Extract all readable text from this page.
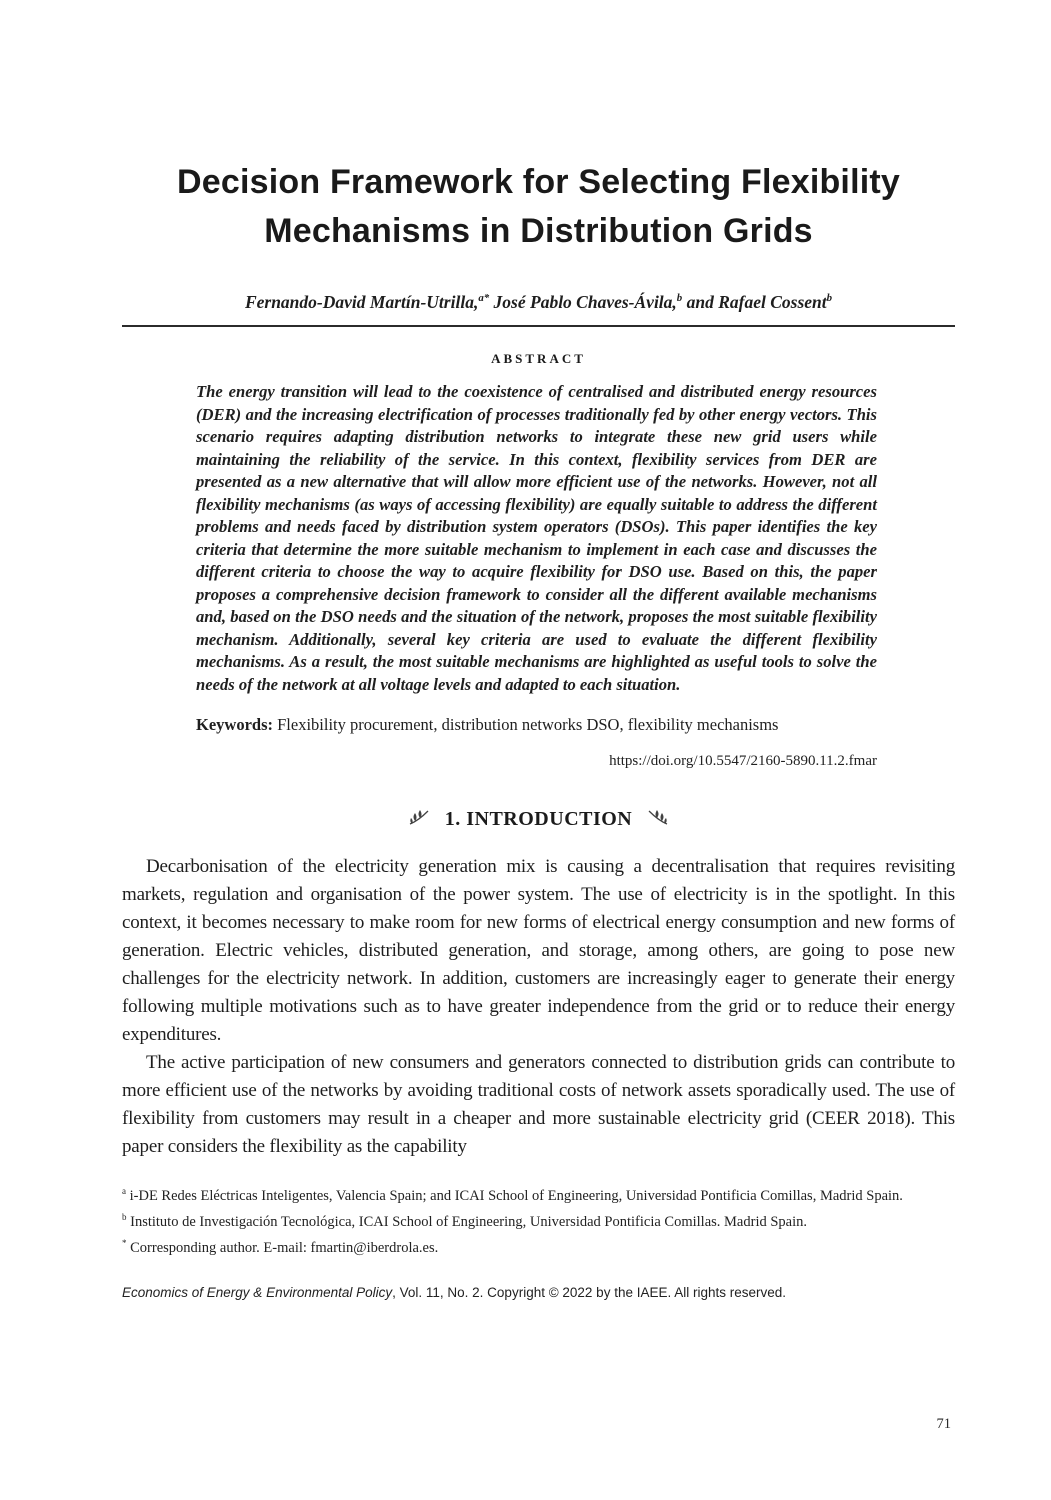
Decision Framework for Selecting Flexibility
Mechanisms in Distribution Grids
Fernando-David Martín-Utrilla,$^{a*}$ José Pablo Chaves-Ávila,$^b$ and Rafael Cossent$^b$
ABSTRACT

The energy transition will lead to the coexistence of centralised and distributed energy resources (DER) and the increasing electrification of processes traditionally fed by other energy vectors. This scenario requires adapting distribution networks to integrate these new grid users while maintaining the reliability of the service. In this context, flexibility services from DER are presented as a new alternative that will allow more efficient use of the networks. However, not all flexibility mechanisms (as ways of accessing flexibility) are equally suitable to address the different problems and needs faced by distribution system operators (DSOs). This paper identifies the key criteria that determine the more suitable mechanism to implement in each case and discusses the different criteria to choose the way to acquire flexibility for DSO use. Based on this, the paper proposes a comprehensive decision framework to consider all the different available mechanisms and, based on the DSO needs and the situation of the network, proposes the most suitable flexibility mechanism. Additionally, several key criteria are used to evaluate the different flexibility mechanisms. As a result, the most suitable mechanisms are highlighted as useful tools to solve the needs of the network at all voltage levels and adapted to each situation.

Keywords: Flexibility procurement, distribution networks DSO, flexibility mechanisms

https://doi.org/10.5547/2160-5890.11.2.fmar
1. INTRODUCTION

Decarbonisation of the electricity generation mix is causing a decentralisation that requires revisiting markets, regulation and organisation of the power system. The use of electricity is in the spotlight. In this context, it becomes necessary to make room for new forms of electrical energy consumption and new forms of generation. Electric vehicles, distributed generation, and storage, among others, are going to pose new challenges for the electricity network. In addition, customers are increasingly eager to generate their energy following multiple motivations such as to have greater independence from the grid or to reduce their energy expenditures.

The active participation of new consumers and generators connected to distribution grids can contribute to more efficient use of the networks by avoiding traditional costs of network assets sporadically used. The use of flexibility from customers may result in a cheaper and more sustainable electricity grid (CEER 2018). This paper considers the flexibility as the capability

$^a$ i-DE Redes Eléctricas Inteligentes, Valencia Spain; and ICAI School of Engineering, Universidad Pontificia Comillas, Madrid Spain.

$^b$ Instituto de Investigación Tecnológica, ICAI School of Engineering, Universidad Pontificia Comillas. Madrid Spain.

* Corresponding author. E-mail: fmartin@iberdrola.es.

Economics of Energy & Environmental Policy, Vol. 11, No. 2. Copyright © 2022 by the IAEE. All rights reserved.
71
